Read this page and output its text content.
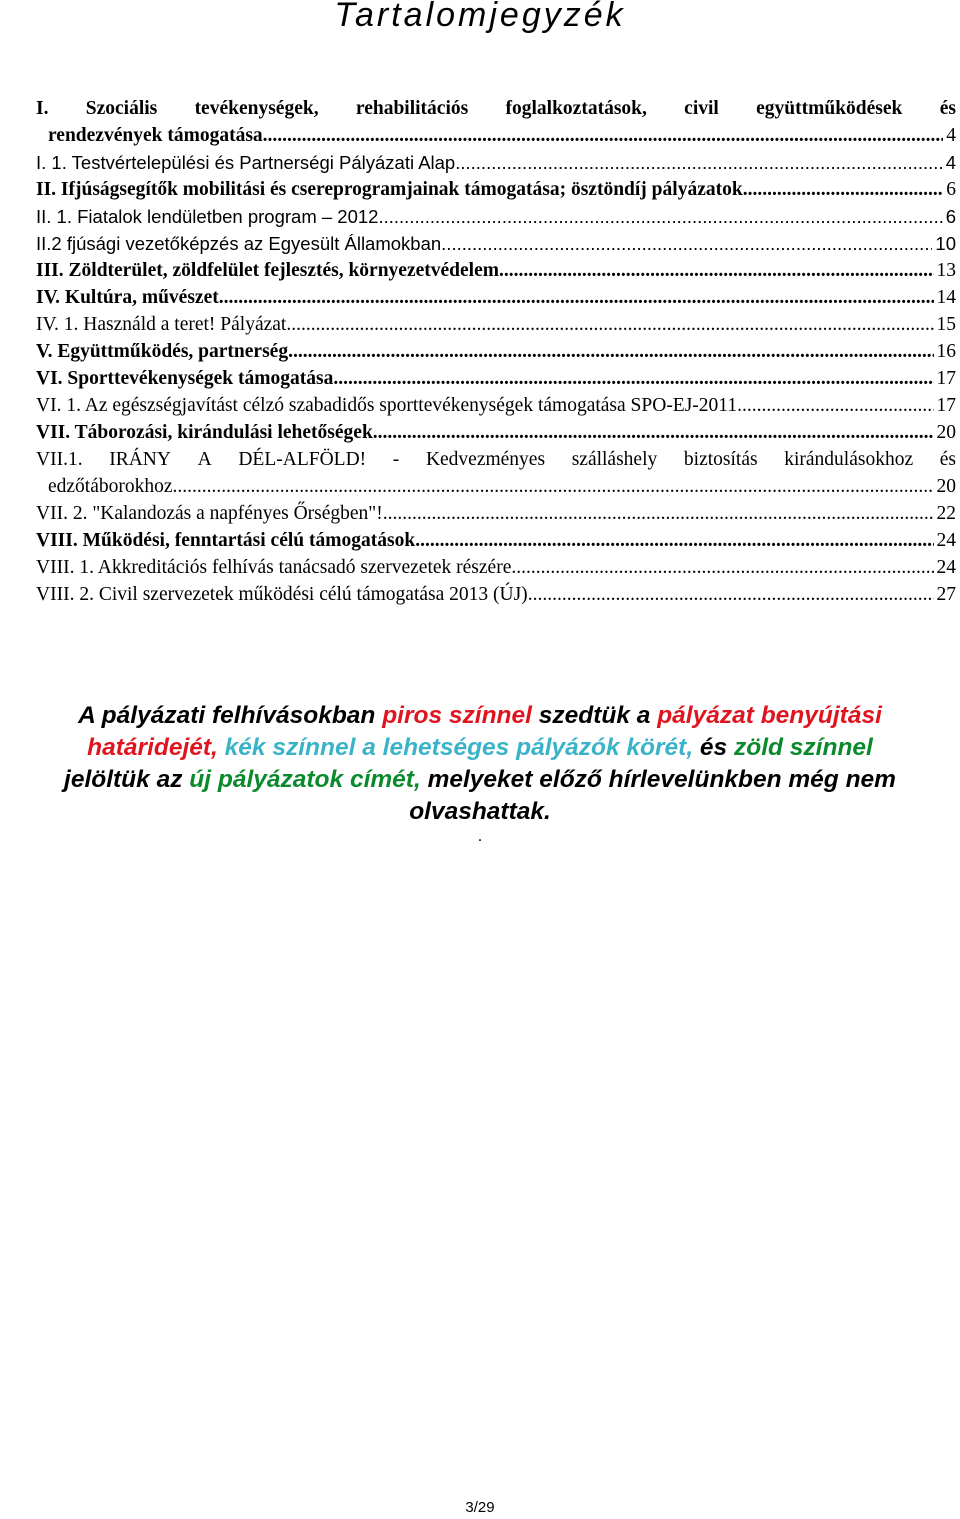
Tartalomjegyzék
I. Szociális tevékenységek, rehabilitációs foglalkoztatások, civil együttműködések és
rendezvények támogatása .....	4
I. 1. Testvértelepülési és Partnerségi Pályázati Alap .....	4
II. Ifjúságsegítők mobilitási és csereprogramjainak támogatása; ösztöndíj pályázatok .....	6
II. 1. Fiatalok lendületben program – 2012 .....	6
II.2 fjúsági vezetőképzés az Egyesült Államokban .....	10
III. Zöldterület, zöldfelület fejlesztés, környezetvédelem .....	13
IV. Kultúra, művészet .....	14
IV. 1. Használd a teret! Pályázat .....	15
V. Együttműködés, partnerség .....	16
VI. Sporttevékenységek támogatása .....	17
VI. 1. Az egészségjavítást célzó szabadidős sporttevékenységek támogatása SPO-EJ-2011 .....	17
VII. Táborozási, kirándulási lehetőségek .....	20
VII.1. IRÁNY A DÉL-ALFÖLD! - Kedvezményes szálláshely biztosítás kirándulásokhoz és
edzőtáborokhoz .....	20
VII. 2. "Kalandozás a napfényes Őrségben"! .....	22
VIII. Működési, fenntartási célú támogatások .....	24
VIII. 1. Akkreditációs felhívás tanácsadó szervezetek részére .....	24
VIII. 2. Civil szervezetek működési célú támogatása 2013 (ÚJ) .....	27

A pályázati felhívásokban piros színnel szedtük a pályázat benyújtási

határidejét, kék színnel a lehetséges pályázók körét, és zöld színnel

jelöltük az új pályázatok címét, melyeket előző hírlevelünkben még nem

olvashattak.

.
3/29
